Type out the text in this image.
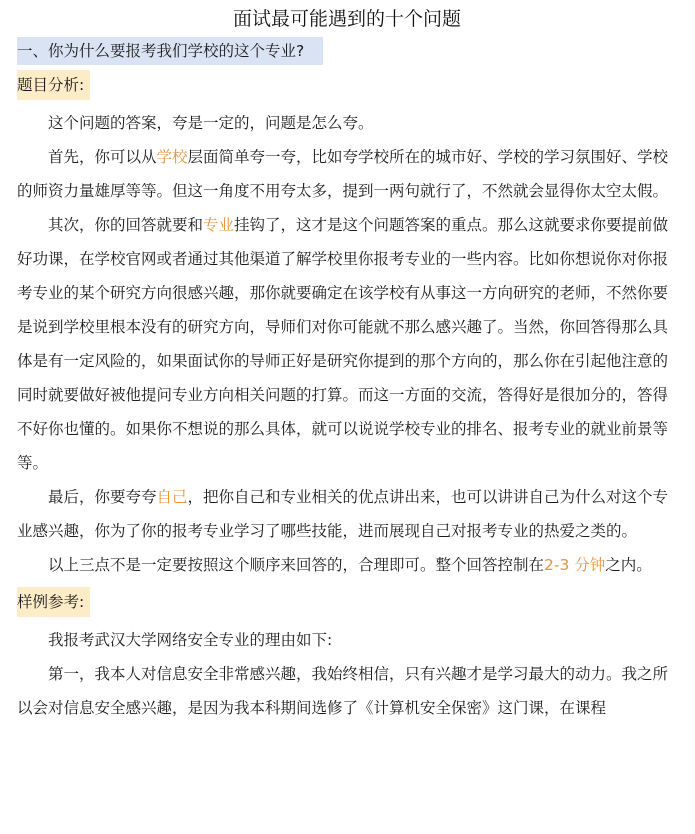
面试最可能遇到的十个问题
一、你为什么要报考我们学校的这个专业?
题目分析:

这个问题的答案，夸是一定的，问题是怎么夸。

首先，你可以从学校层面简单夸一夸，比如夸学校所在的城市好、学校的学习氛围好、学校的师资力量雄厚等等。但这一角度不用夸太多，提到一两句就行了，不然就会显得你太空太假。

其次，你的回答就要和专业挂钩了，这才是这个问题答案的重点。那么这就要求你要提前做好功课，在学校官网或者通过其他渠道了解学校里你报考专业的一些内容。比如你想说你对你报考专业的某个研究方向很感兴趣，那你就要确定在该学校有从事这一方向研究的老师，不然你要是说到学校里根本没有的研究方向，导师们对你可能就不那么感兴趣了。当然，你回答得那么具体是有一定风险的，如果面试你的导师正好是研究你提到的那个方向的，那么你在引起他注意的同时就要做好被他提问专业方向相关问题的打算。而这一方面的交流，答得好是很加分的，答得不好你也懂的。如果你不想说的那么具体，就可以说说学校专业的排名、报考专业的就业前景等等。

最后，你要夸夸自己，把你自己和专业相关的优点讲出来，也可以讲讲自己为什么对这个专业感兴趣，你为了你的报考专业学习了哪些技能，进而展现自己对报考专业的热爱之类的。

以上三点不是一定要按照这个顺序来回答的，合理即可。整个回答控制在2-3 分钟之内。

样例参考:

我报考武汉大学网络安全专业的理由如下:

第一，我本人对信息安全非常感兴趣，我始终相信，只有兴趣才是学习最大的动力。我之所以会对信息安全感兴趣，是因为我本科期间选修了《计算机安全保密》这门课，在课程
